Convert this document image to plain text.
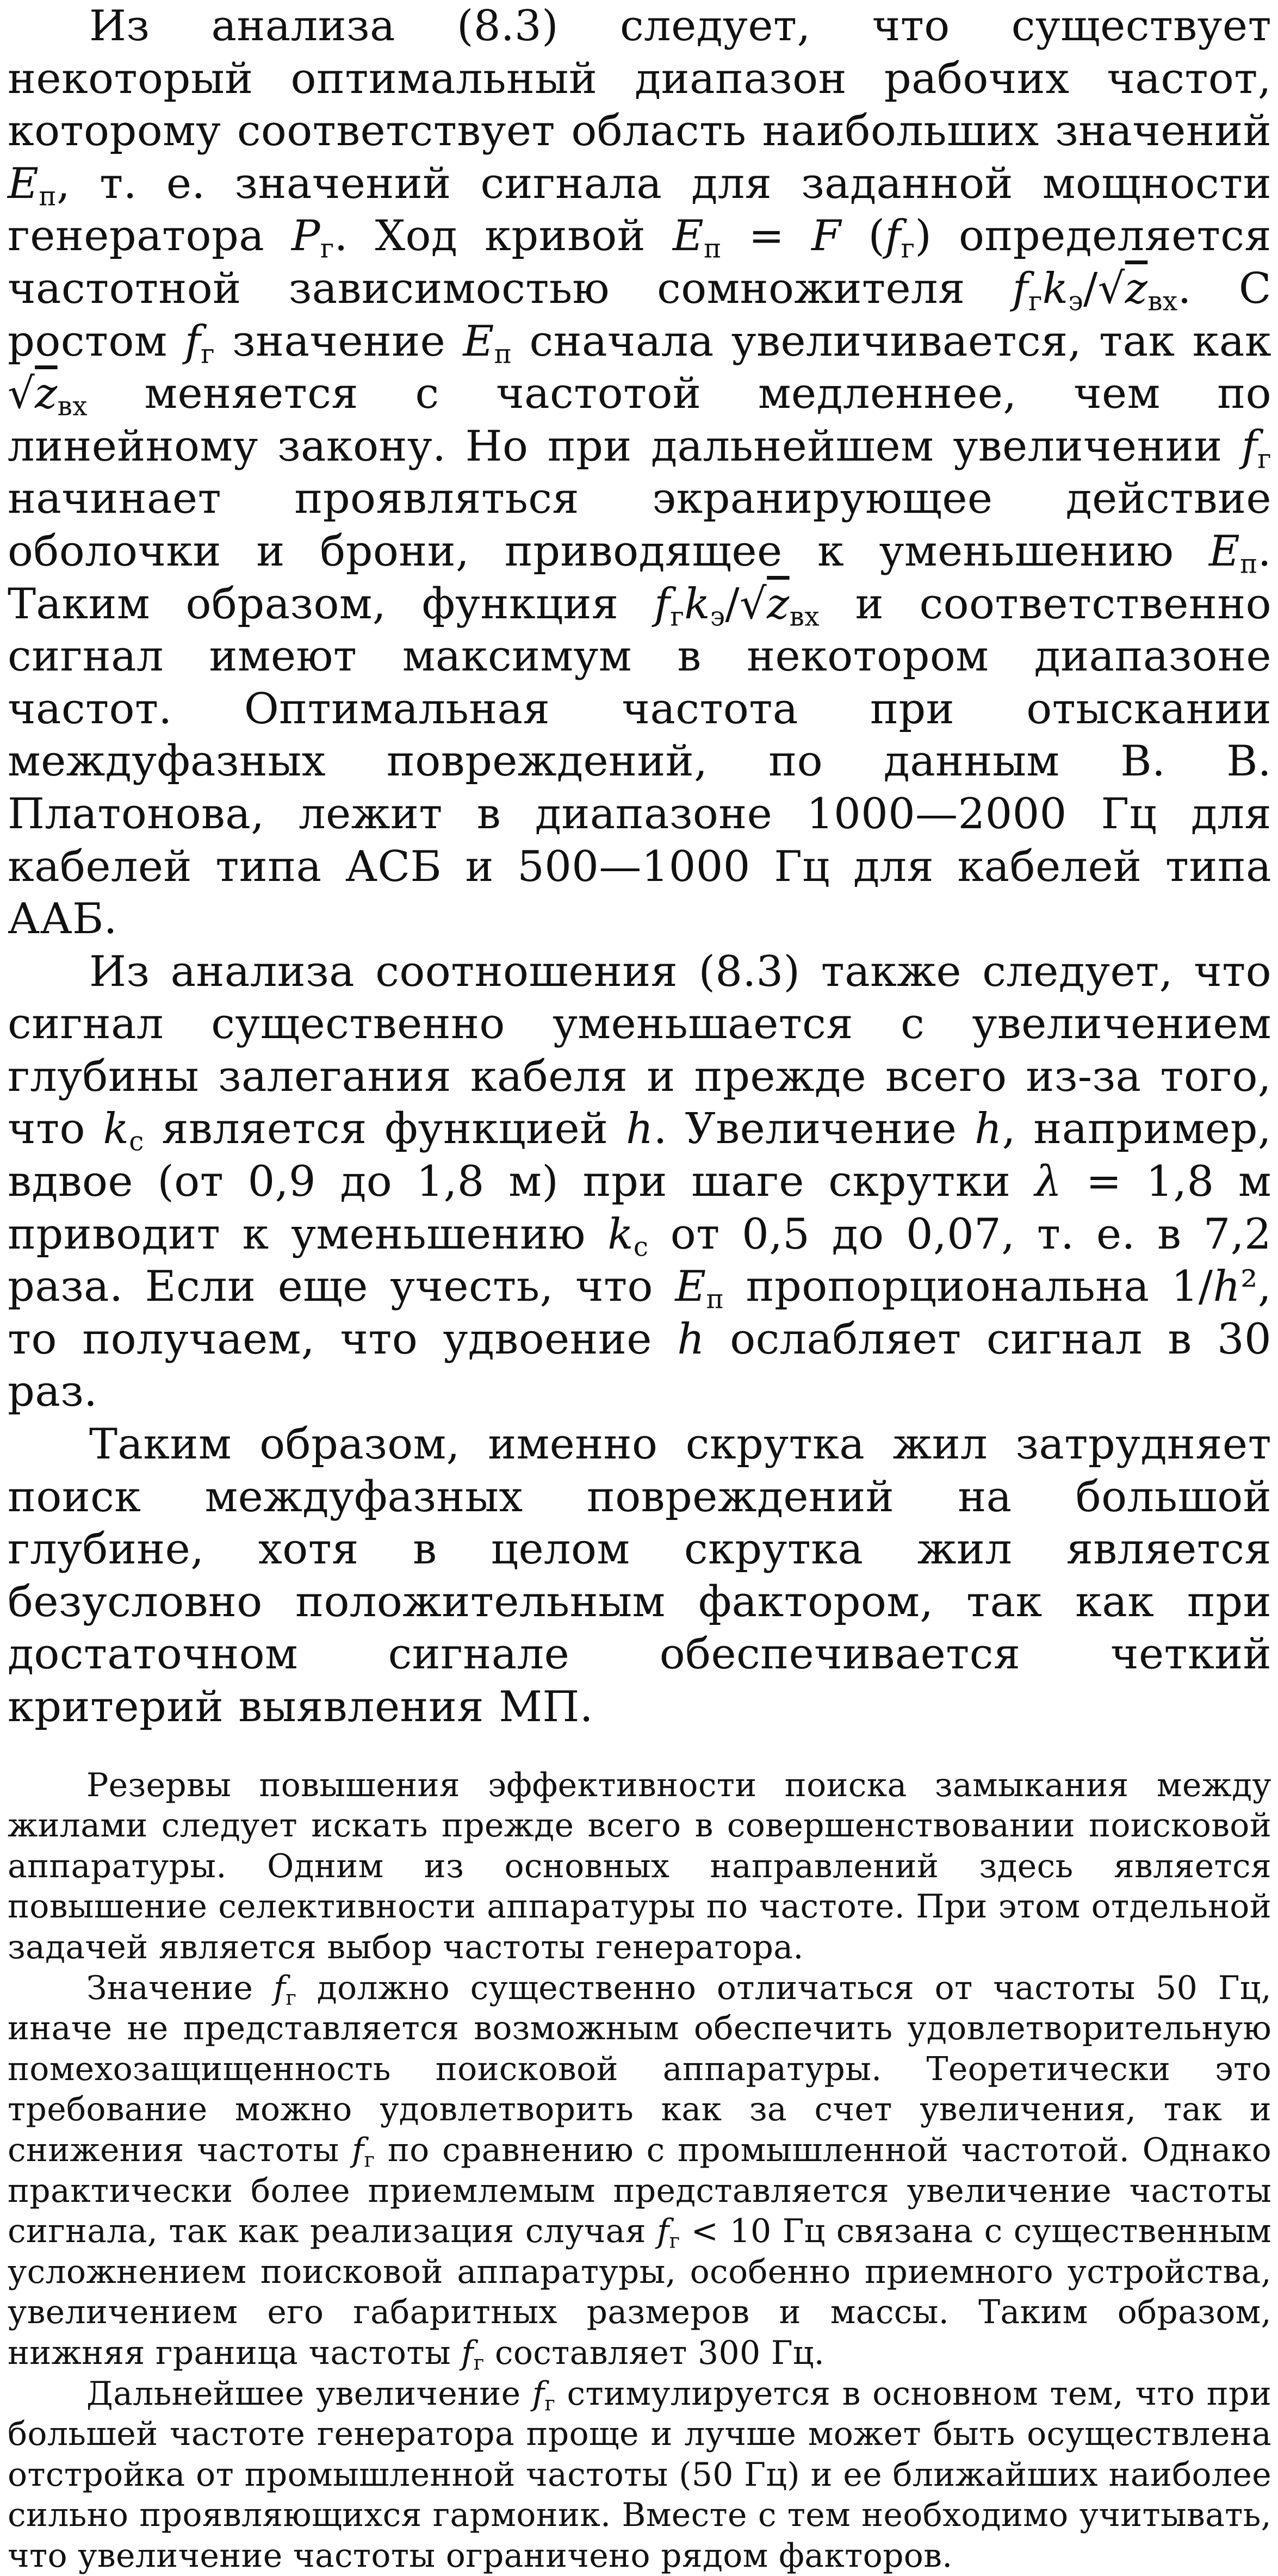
Из анализа (8.3) следует, что существует некоторый оптимальный диапазон рабочих частот, которому соответствует область наибольших значений $E_п$, т. е. значений сигнала для заданной мощности генератора $P_г$. Ход кривой $E_п = F$ $(f_г)$ определяется частотной зависимостью сомножителя $f_гk_э/√z_{вх}$. С ростом $f_г$ значение $E_п$ сначала увеличивается, так как $√z_{вх}$ меняется с частотой медленнее, чем по линейному закону. Но при дальнейшем увеличении $f_г$ начинает проявляться экранирующее действие оболочки и брони, приводящее к уменьшению $E_п$. Таким образом, функция $f_гk_э/√z_{вх}$ и соответственно сигнал имеют максимум в некотором диапазоне частот. Оптимальная частота при отыскании междуфазных повреждений, по данным В. В. Платонова, лежит в диапазоне 1000—2000 Гц для кабелей типа АСБ и 500—1000 Гц для кабелей типа ААБ.

Из анализа соотношения (8.3) также следует, что сигнал существенно уменьшается с увеличением глубины залегания кабеля и прежде всего из-за того, что $k_с$ является функцией h. Увеличение h, например, вдвое (от 0,9 до 1,8 м) при шаге скрутки λ = 1,8 м приводит к уменьшению $k_с$ от 0,5 до 0,07, т. е. в 7,2 раза. Если еще учесть, что $E_п$ пропорциональна 1/h², то получаем, что удвоение h ослабляет сигнал в 30 раз.

Таким образом, именно скрутка жил затрудняет поиск междуфазных повреждений на большой глубине, хотя в целом скрутка жил является безусловно положительным фактором, так как при достаточном сигнале обеспечивается четкий критерий выявления МП.

Резервы повышения эффективности поиска замыкания между жилами следует искать прежде всего в совершенствовании поисковой аппаратуры. Одним из основных направлений здесь является повышение селективности аппаратуры по частоте. При этом отдельной задачей является выбор частоты генератора.

Значение $f_г$ должно существенно отличаться от частоты 50 Гц, иначе не представляется возможным обеспечить удовлетворительную помехозащищенность поисковой аппаратуры. Теоретически это требование можно удовлетворить как за счет увеличения, так и снижения частоты $f_г$ по сравнению с промышленной частотой. Однако практически более приемлемым представляется увеличение частоты сигнала, так как реализация случая $f_г < 10$ Гц связана с существенным усложнением поисковой аппаратуры, особенно приемного устройства, увеличением его габаритных размеров и массы. Таким образом, нижняя граница частоты $f_г$ составляет 300 Гц.

Дальнейшее увеличение $f_г$ стимулируется в основном тем, что при большей частоте генератора проще и лучше может быть осуществлена отстройка от промышленной частоты (50 Гц) и ее ближайших наиболее сильно проявляющихся гармоник. Вместе с тем необходимо учитывать, что увеличение частоты ограничено рядом факторов.
